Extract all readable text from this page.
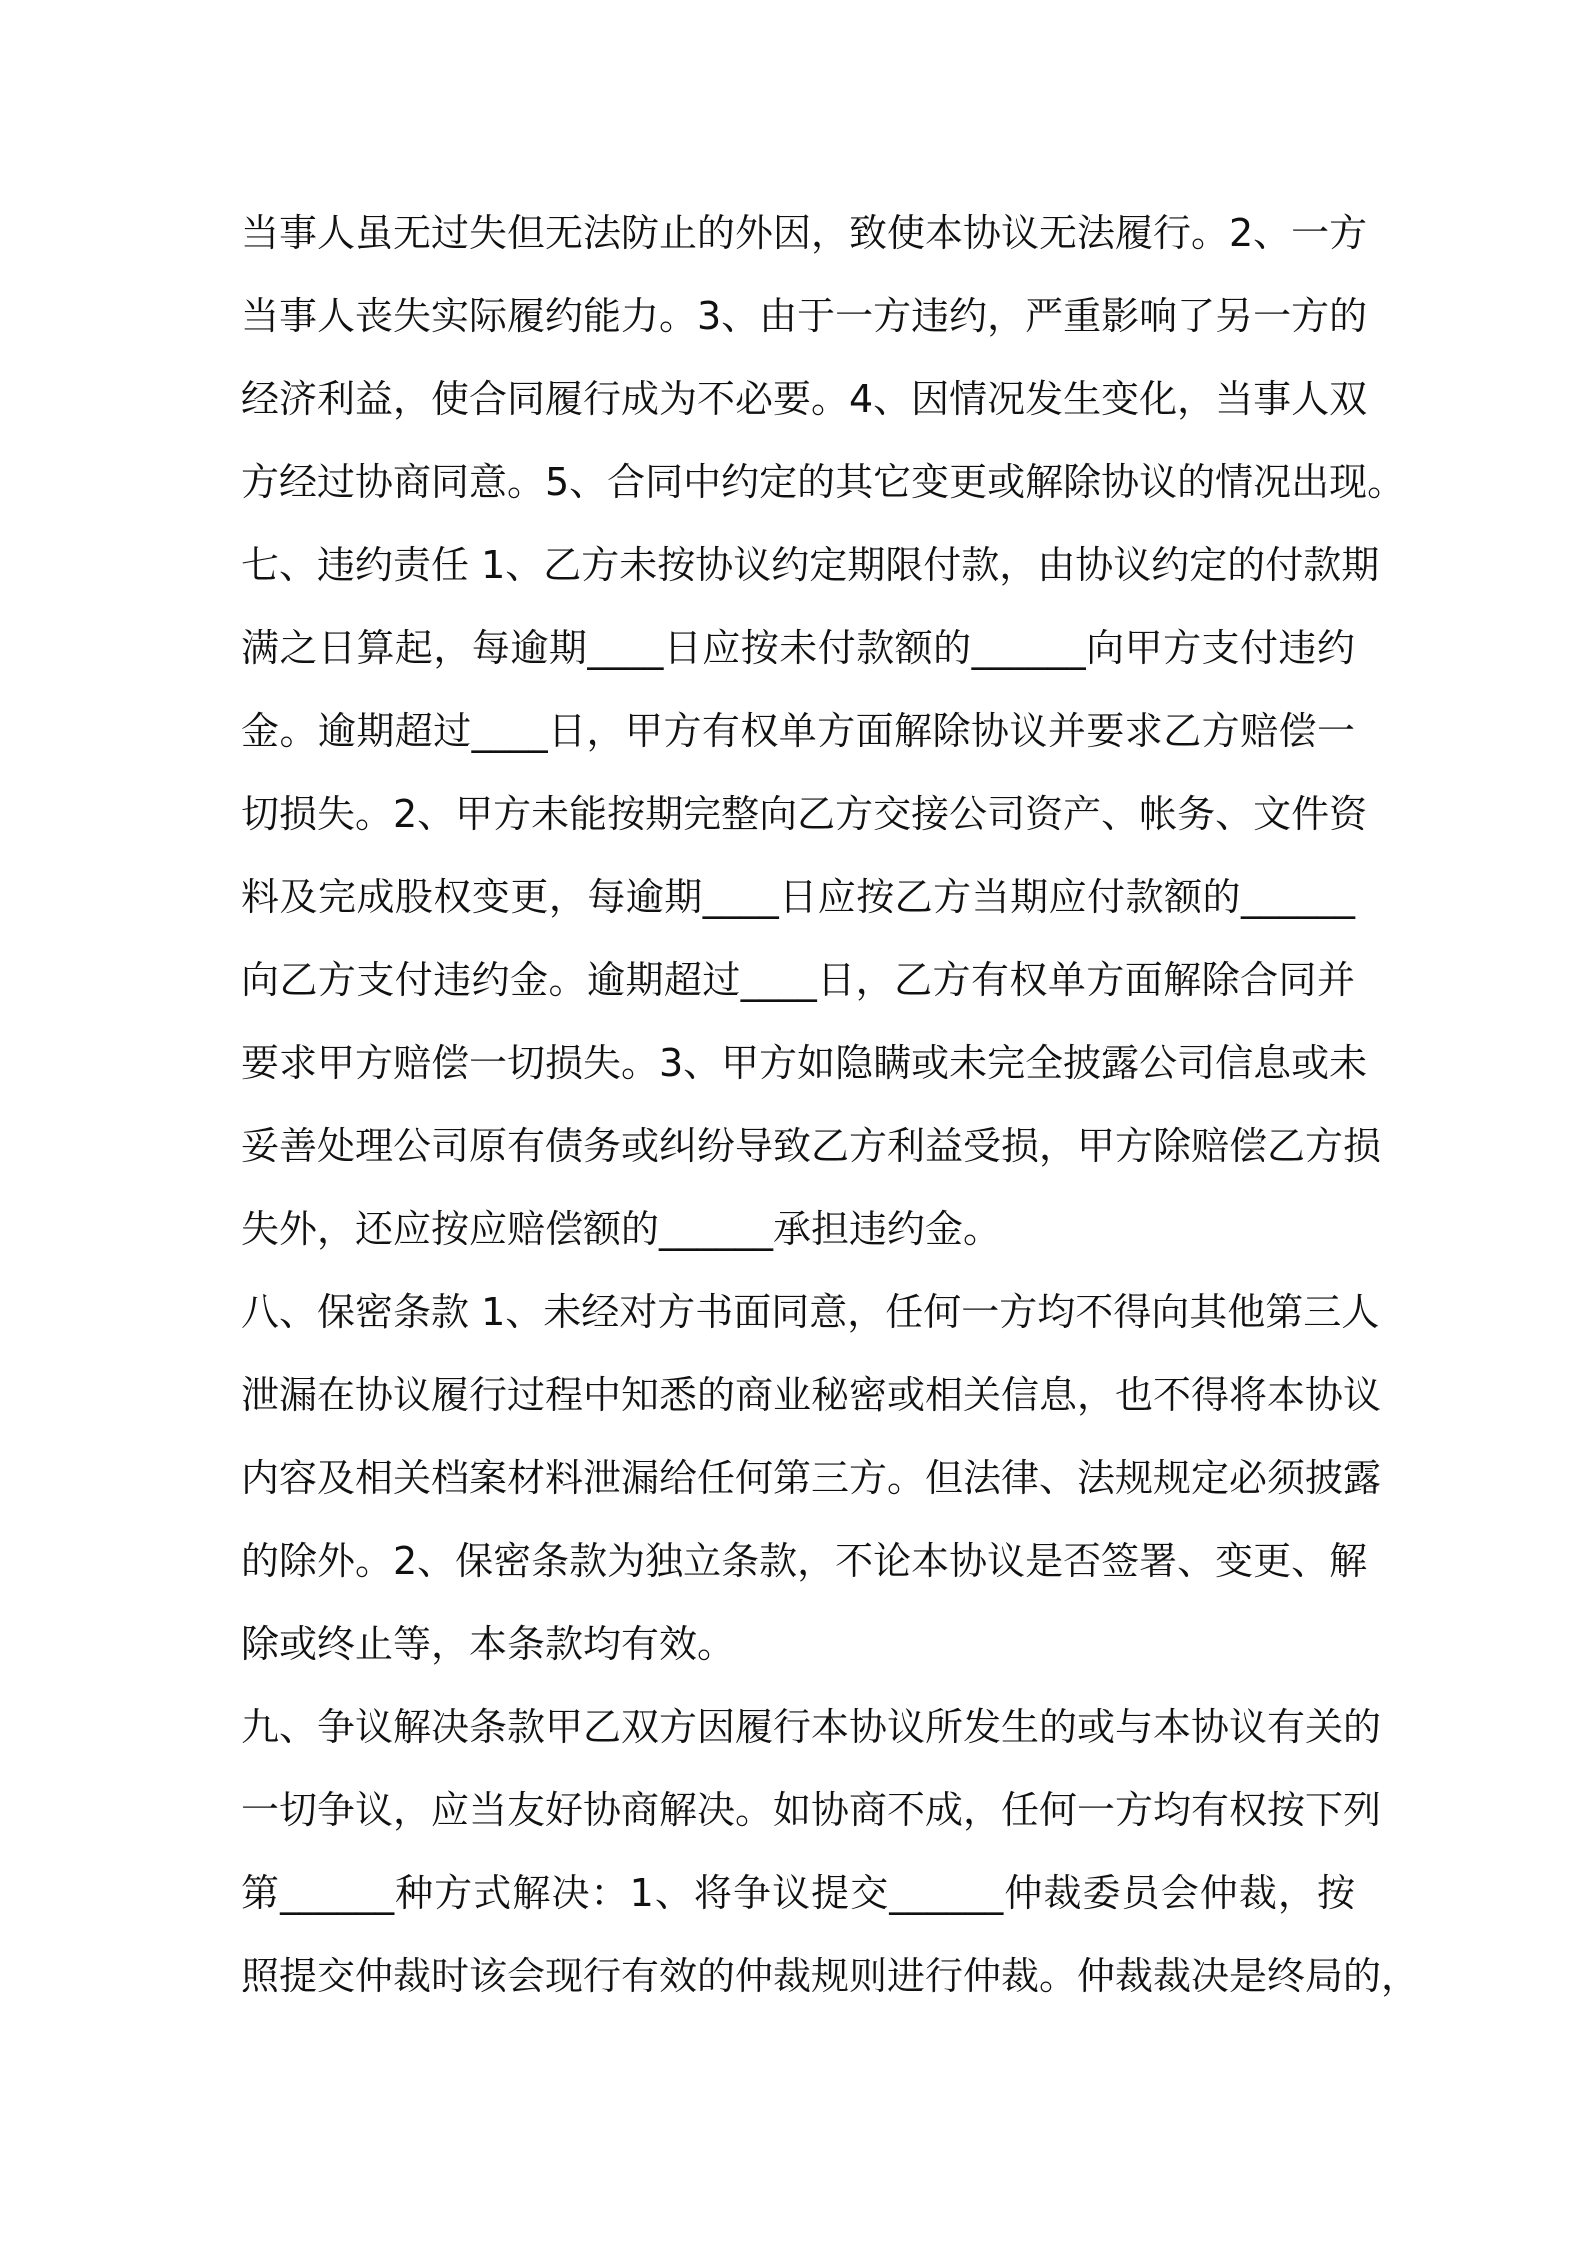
当事人虽无过失但无法防止的外因，致使本协议无法履行。2、一方
当事人丧失实际履约能力。3、由于一方违约，严重影响了另一方的
经济利益，使合同履行成为不必要。4、因情况发生变化，当事人双
方经过协商同意。5、合同中约定的其它变更或解除协议的情况出现。
七、违约责任 1、乙方未按协议约定期限付款，由协议约定的付款期
满之日算起，每逾期____日应按未付款额的______向甲方支付违约
金。逾期超过____日，甲方有权单方面解除协议并要求乙方赔偿一
切损失。2、甲方未能按期完整向乙方交接公司资产、帐务、文件资
料及完成股权变更，每逾期____日应按乙方当期应付款额的______
向乙方支付违约金。逾期超过____日，乙方有权单方面解除合同并
要求甲方赔偿一切损失。3、甲方如隐瞒或未完全披露公司信息或未
妥善处理公司原有债务或纠纷导致乙方利益受损，甲方除赔偿乙方损
失外，还应按应赔偿额的______承担违约金。
八、保密条款 1、未经对方书面同意，任何一方均不得向其他第三人
泄漏在协议履行过程中知悉的商业秘密或相关信息，也不得将本协议
内容及相关档案材料泄漏给任何第三方。但法律、法规规定必须披露
的除外。2、保密条款为独立条款，不论本协议是否签署、变更、解
除或终止等，本条款均有效。
九、争议解决条款甲乙双方因履行本协议所发生的或与本协议有关的
一切争议，应当友好协商解决。如协商不成，任何一方均有权按下列
第______种方式解决：1、将争议提交______仲裁委员会仲裁，按
照提交仲裁时该会现行有效的仲裁规则进行仲裁。仲裁裁决是终局的，
